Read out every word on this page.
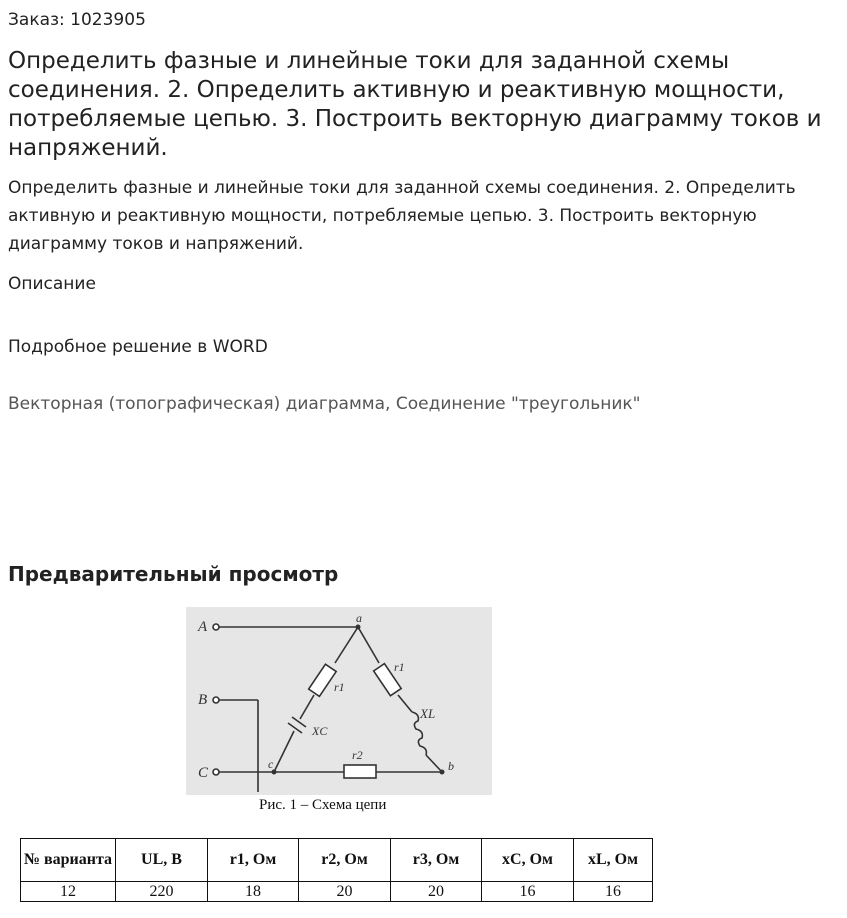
Заказ: 1023905
Определить фазные и линейные токи для заданной схемы соединения. 2. Определить активную и реактивную мощности, потребляемые цепью. 3. Построить векторную диаграмму токов и напряжений.
Определить фазные и линейные токи для заданной схемы соединения. 2. Определить активную и реактивную мощности, потребляемые цепью. 3. Построить векторную диаграмму токов и напряжений.
Описание
Подробное решение в WORD
Векторная (топографическая) диаграмма, Соединение "треугольник"
Предварительный просмотр
A
B
C
a
b
c
r1
r1
XC
XL
r2
Рис. 1 – Схема цепи
№ варианта	UL, В	r1, Ом	r2, Ом	r3, Ом	xC, Ом	xL, Ом
12	220	18	20	20	16	16
